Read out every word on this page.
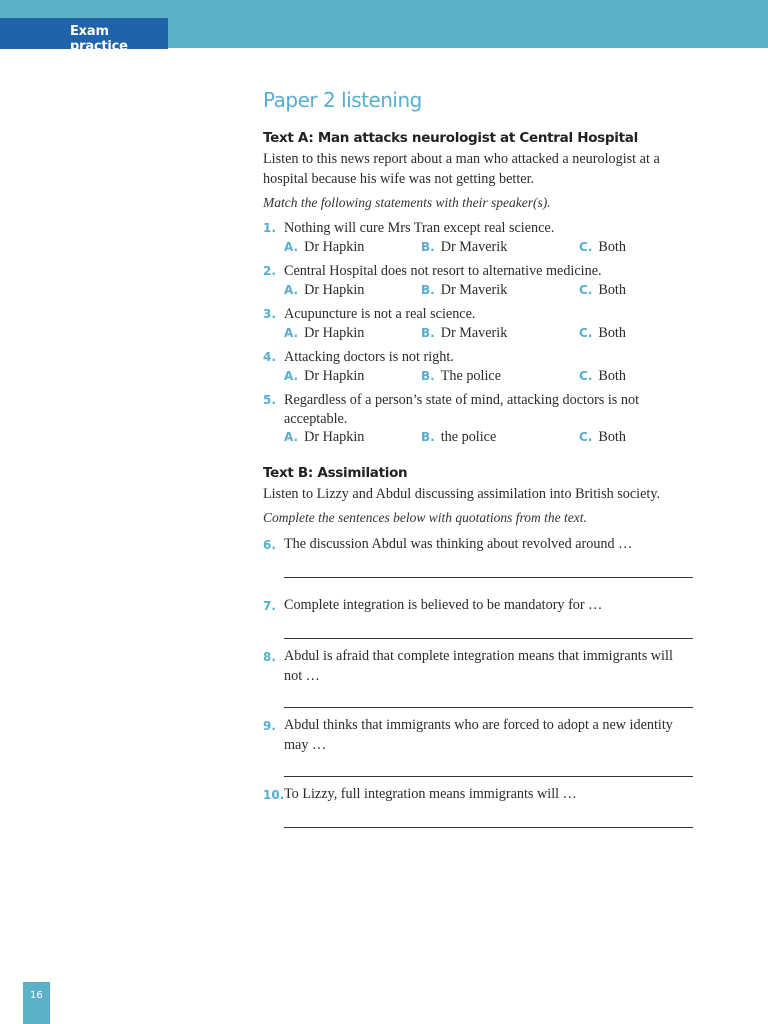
Exam practice
Paper 2 listening
Text A: Man attacks neurologist at Central Hospital
Listen to this news report about a man who attacked a neurologist at a hospital because his wife was not getting better.
Match the following statements with their speaker(s).
1. Nothing will cure Mrs Tran except real science.
A. Dr Hapkin	B. Dr Maverik	C. Both
2. Central Hospital does not resort to alternative medicine.
A. Dr Hapkin	B. Dr Maverik	C. Both
3. Acupuncture is not a real science.
A. Dr Hapkin	B. Dr Maverik	C. Both
4. Attacking doctors is not right.
A. Dr Hapkin	B. The police	C. Both
5. Regardless of a person’s state of mind, attacking doctors is not acceptable.
A. Dr Hapkin	B. the police	C. Both
Text B: Assimilation
Listen to Lizzy and Abdul discussing assimilation into British society.
Complete the sentences below with quotations from the text.
6. The discussion Abdul was thinking about revolved around …
7. Complete integration is believed to be mandatory for …
8. Abdul is afraid that complete integration means that immigrants will not …
9. Abdul thinks that immigrants who are forced to adopt a new identity may …
10. To Lizzy, full integration means immigrants will …
16
